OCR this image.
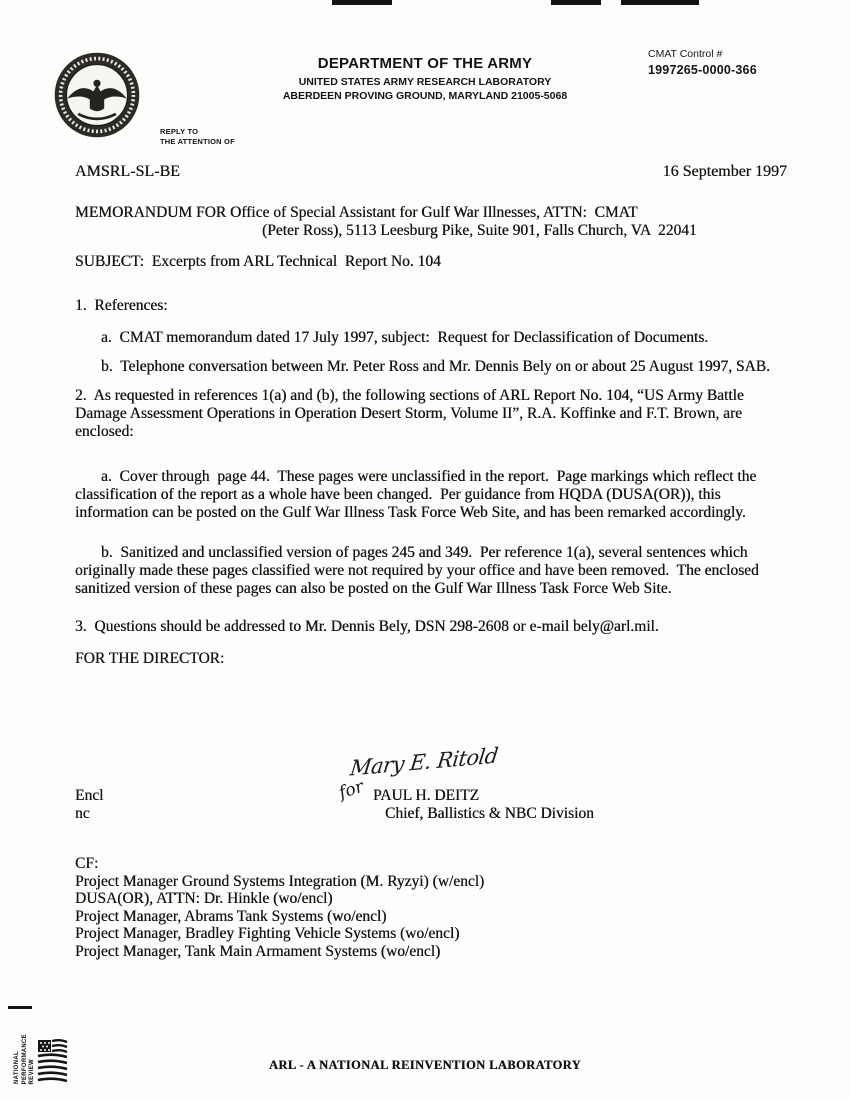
REPLY TO
THE ATTENTION OF
DEPARTMENT OF THE ARMY
UNITED STATES ARMY RESEARCH LABORATORY
ABERDEEN PROVING GROUND, MARYLAND 21005-5068
CMAT Control #
1997265-0000-366
AMSRL-SL-BE	16 September 1997

MEMORANDUM FOR Office of Special Assistant for Gulf War Illnesses, ATTN:  CMAT

(Peter Ross), 5113 Leesburg Pike, Suite 901, Falls Church, VA  22041

SUBJECT:  Excerpts from ARL Technical  Report No. 104

1.  References:

a.  CMAT memorandum dated 17 July 1997, subject:  Request for Declassification of Documents.

b.  Telephone conversation between Mr. Peter Ross and Mr. Dennis Bely on or about 25 August 1997, SAB.

2.  As requested in references 1(a) and (b), the following sections of ARL Report No. 104, “US Army Battle Damage Assessment Operations in Operation Desert Storm, Volume II”, R.A. Koffinke and F.T. Brown, are enclosed:

a.  Cover through  page 44.  These pages were unclassified in the report.  Page markings which reflect the classification of the report as a whole have been changed.  Per guidance from HQDA (DUSA(OR)), this information can be posted on the Gulf War Illness Task Force Web Site, and has been remarked accordingly.

b.  Sanitized and unclassified version of pages 245 and 349.  Per reference 1(a), several sentences which originally made these pages classified were not required by your office and have been removed.  The enclosed sanitized version of these pages can also be posted on the Gulf War Illness Task Force Web Site.

3.  Questions should be addressed to Mr. Dennis Bely, DSN 298-2608 or e-mail bely@arl.mil.

FOR THE DIRECTOR:

Mary E. Ritold
for
Encl
nc
PAUL H. DEITZ
Chief, Ballistics & NBC Division
CF:
Project Manager Ground Systems Integration (M. Ryzyi) (w/encl)
DUSA(OR), ATTN: Dr. Hinkle (wo/encl)
Project Manager, Abrams Tank Systems (wo/encl)
Project Manager, Bradley Fighting Vehicle Systems (wo/encl)
Project Manager, Tank Main Armament Systems (wo/encl)
NATIONAL PERFORMANCE REVIEW	ARL - A NATIONAL REINVENTION LABORATORY
